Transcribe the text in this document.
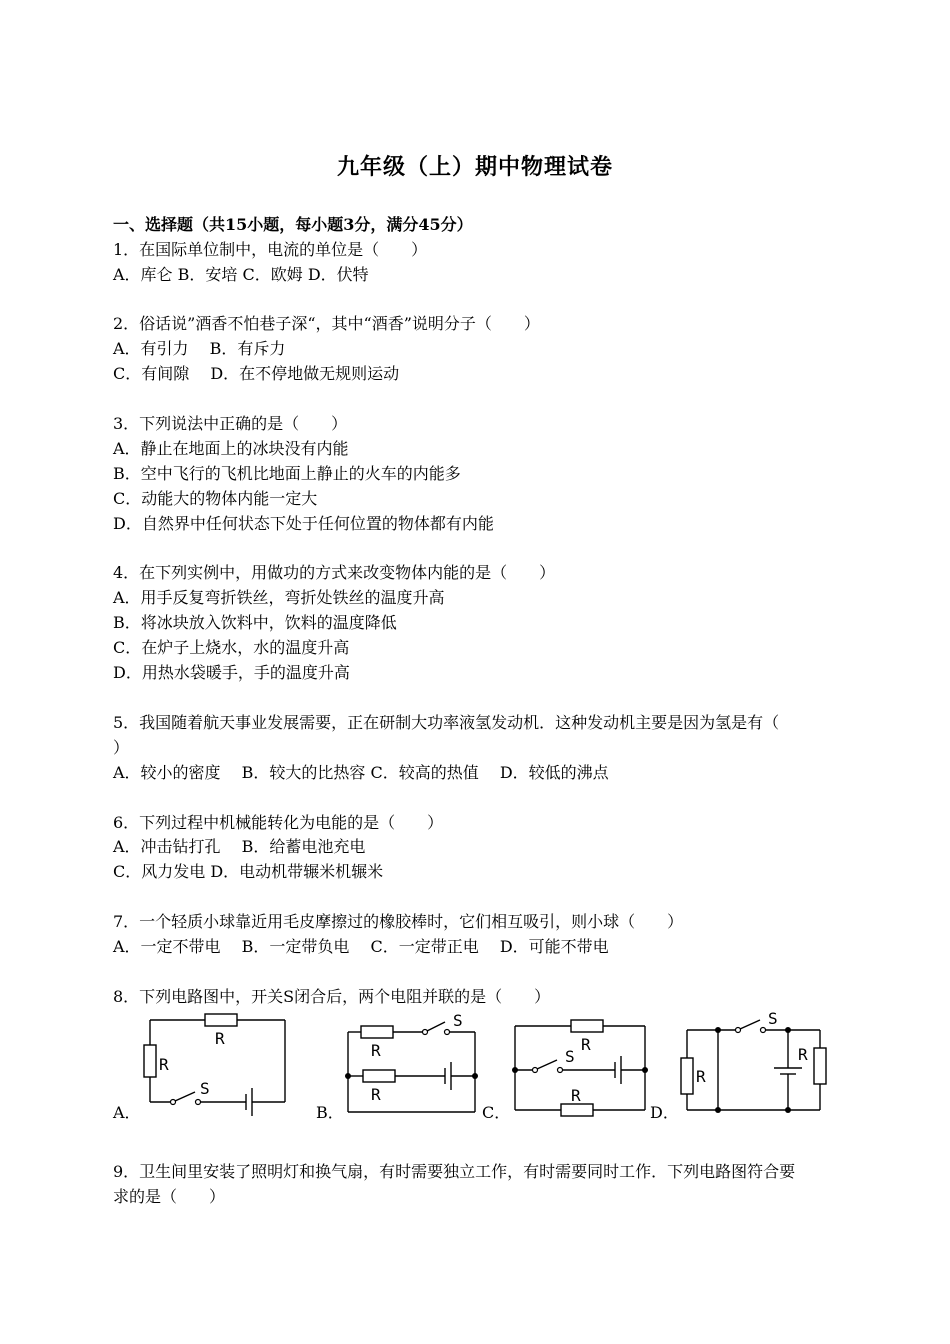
九年级（上）期中物理试卷
一、选择题（共15小题，每小题3分，满分45分）
1．在国际单位制中，电流的单位是（　　）
A．库仑 B．安培 C．欧姆 D．伏特
2．俗话说”酒香不怕巷子深“，其中“酒香”说明分子（　　）
A．有引力　 B．有斥力
C．有间隙　 D．在不停地做无规则运动
3．下列说法中正确的是（　　）
A．静止在地面上的冰块没有内能
B．空中飞行的飞机比地面上静止的火车的内能多
C．动能大的物体内能一定大
D．自然界中任何状态下处于任何位置的物体都有内能
4．在下列实例中，用做功的方式来改变物体内能的是（　　）
A．用手反复弯折铁丝，弯折处铁丝的温度升高
B．将冰块放入饮料中，饮料的温度降低
C．在炉子上烧水，水的温度升高
D．用热水袋暖手，手的温度升高
5．我国随着航天事业发展需要，正在研制大功率液氢发动机．这种发动机主要是因为氢是有（
）
A．较小的密度　 B．较大的比热容 C．较高的热值　 D．较低的沸点
6．下列过程中机械能转化为电能的是（　　）
A．冲击钻打孔　 B．给蓄电池充电
C．风力发电 D．电动机带辗米机辗米
7．一个轻质小球靠近用毛皮摩擦过的橡胶棒时，它们相互吸引，则小球（　　）
A．一定不带电　 B．一定带负电　 C．一定带正电　 D．可能不带电
8．下列电路图中，开关S闭合后，两个电阻并联的是（　　）
R
R
S
A．
R
R
S
B．
R
R
S
C．
R
R
S
D．
9．卫生间里安装了照明灯和换气扇，有时需要独立工作，有时需要同时工作．下列电路图符合要
求的是（　　）
